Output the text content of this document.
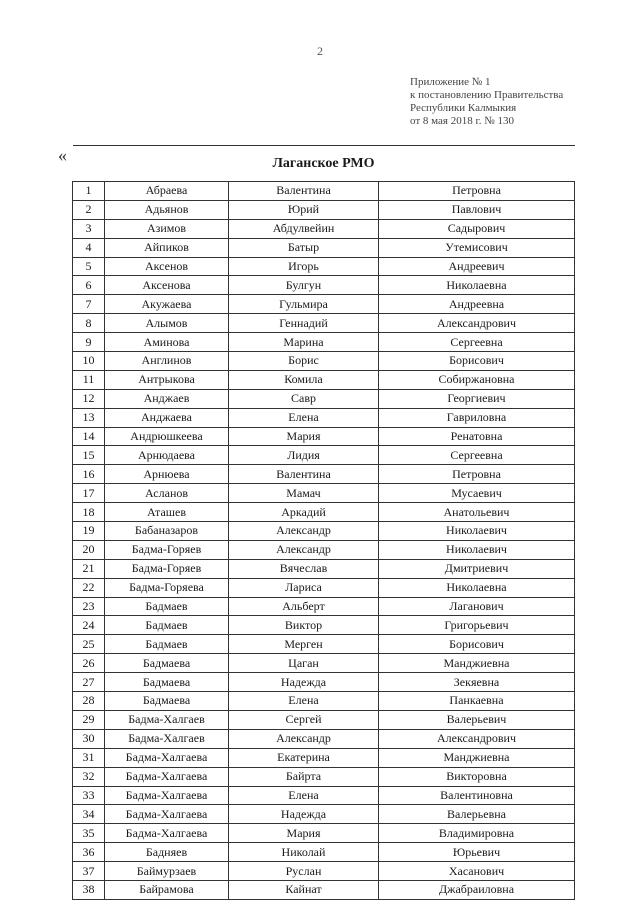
2
Приложение № 1
к постановлению Правительства
Республики Калмыкия
от 8 мая 2018 г. № 130
«	Лаганское РМО			
1	Абраева	Валентина	Петровна
2	Адьянов	Юрий	Павлович
3	Азимов	Абдулвейин	Садырович
4	Айпиков	Батыр	Утемисович
5	Аксенов	Игорь	Андреевич
6	Аксенова	Булгун	Николаевна
7	Акужаева	Гульмира	Андреевна
8	Алымов	Геннадий	Александрович
9	Аминова	Марина	Сергеевна
10	Англинов	Борис	Борисович
11	Антрыкова	Комила	Собиржановна
12	Анджаев	Савр	Георгиевич
13	Анджаева	Елена	Гавриловна
14	Андрюшкеева	Мария	Ренатовна
15	Арнюдаева	Лидия	Сергеевна
16	Арнюева	Валентина	Петровна
17	Асланов	Мамач	Мусаевич
18	Аташев	Аркадий	Анатольевич
19	Бабаназаров	Александр	Николаевич
20	Бадма-Горяев	Александр	Николаевич
21	Бадма-Горяев	Вячеслав	Дмитриевич
22	Бадма-Горяева	Лариса	Николаевна
23	Бадмаев	Альберт	Лаганович
24	Бадмаев	Виктор	Григорьевич
25	Бадмаев	Мерген	Борисович
26	Бадмаева	Цаган	Манджиевна
27	Бадмаева	Надежда	Зекяевна
28	Бадмаева	Елена	Панкаевна
29	Бадма-Халгаев	Сергей	Валерьевич
30	Бадма-Халгаев	Александр	Александрович
31	Бадма-Халгаева	Екатерина	Манджиевна
32	Бадма-Халгаева	Байрта	Викторовна
33	Бадма-Халгаева	Елена	Валентиновна
34	Бадма-Халгаева	Надежда	Валерьевна
35	Бадма-Халгаева	Мария	Владимировна
36	Бадняев	Николай	Юрьевич
37	Баймурзаев	Руслан	Хасанович
38	Байрамова	Кайнат	Джабраиловна
